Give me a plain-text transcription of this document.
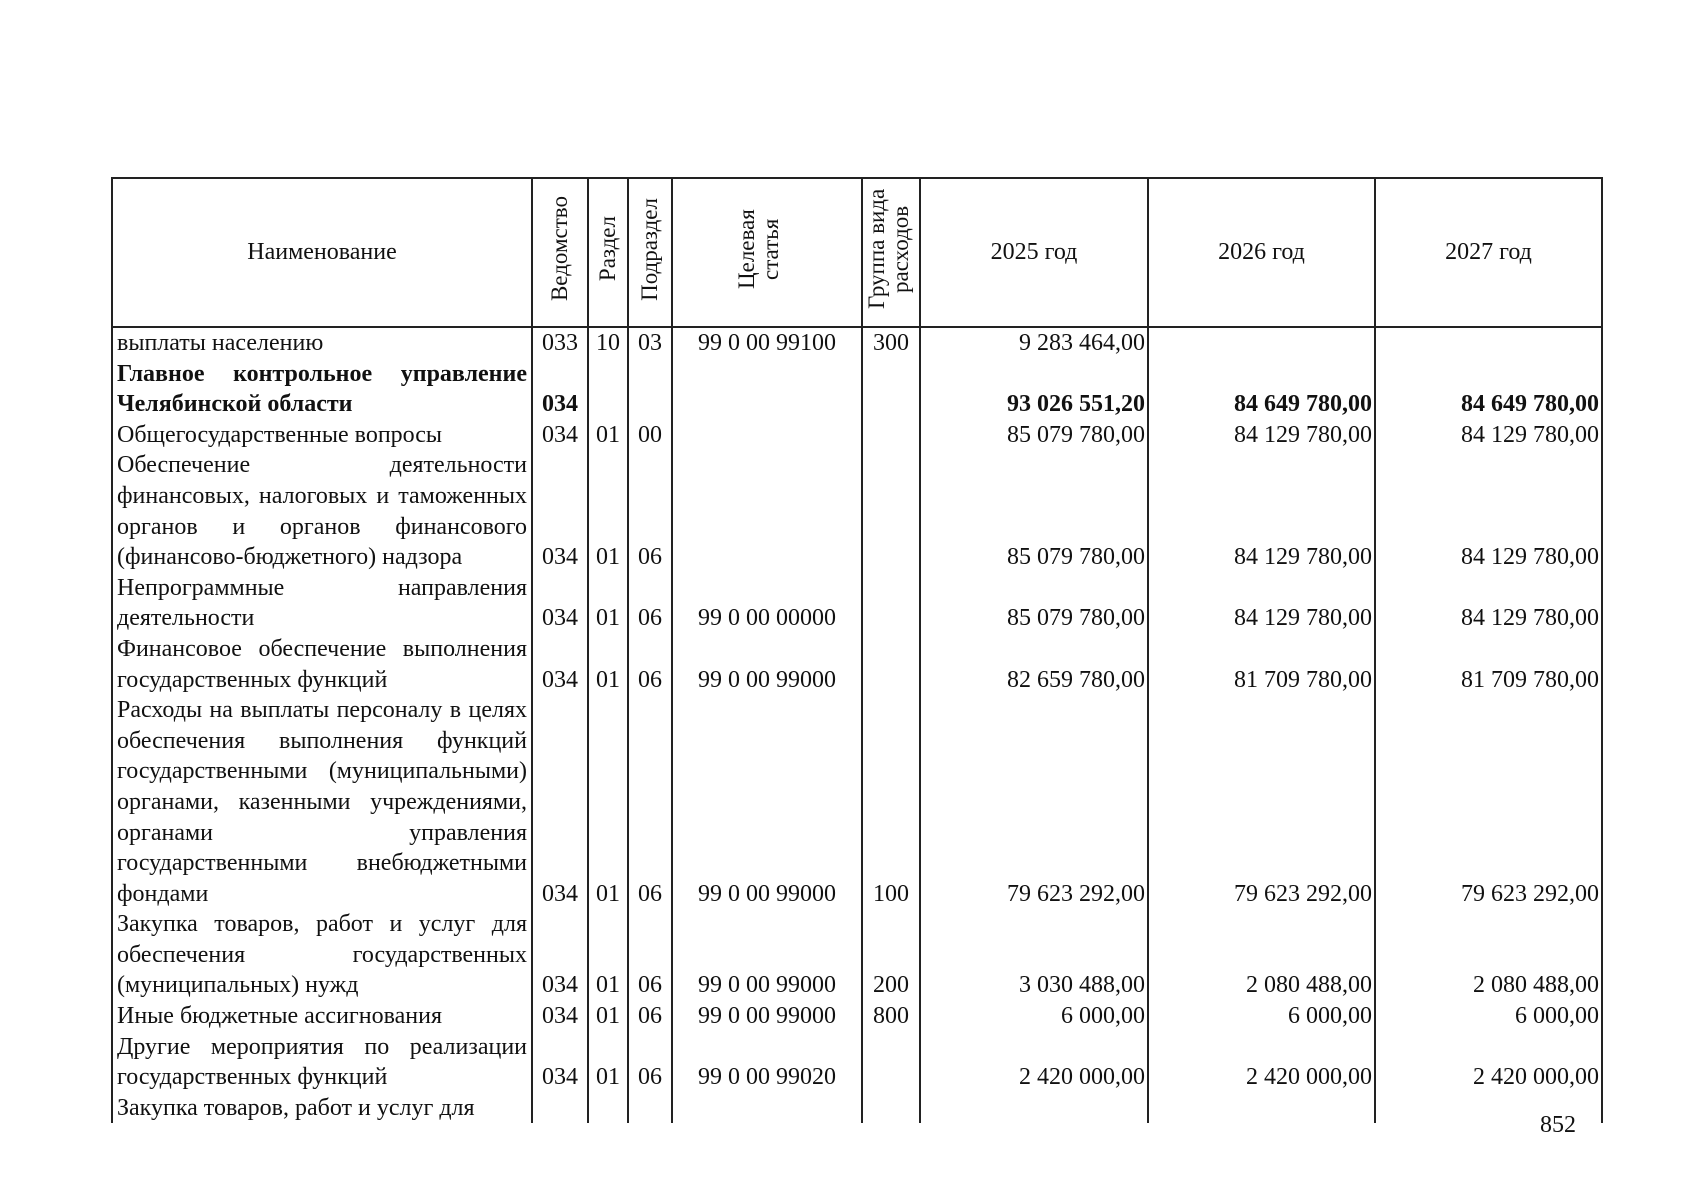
Наименование	Ведомство	Раздел	Подраздел	Целевая статья	Группа вида расходов	2025 год	2026 год	2027 год
выплаты населению	033	10	03	99 0 00 99100	300	9 283 464,00		
Главное контрольное управление Челябинской области	034					93 026 551,20	84 649 780,00	84 649 780,00
Общегосударственные вопросы	034	01	00			85 079 780,00	84 129 780,00	84 129 780,00
Обеспечение деятельности финансовых, налоговых и таможенных органов и органов финансового (финансово-бюджетного) надзора	034	01	06			85 079 780,00	84 129 780,00	84 129 780,00
Непрограммные направления деятельности	034	01	06	99 0 00 00000		85 079 780,00	84 129 780,00	84 129 780,00
Финансовое обеспечение выполнения государственных функций	034	01	06	99 0 00 99000		82 659 780,00	81 709 780,00	81 709 780,00
Расходы на выплаты персоналу в целях обеспечения выполнения функций государственными (муниципальными) органами, казенными учреждениями, органами управления государственными внебюджетными фондами	034	01	06	99 0 00 99000	100	79 623 292,00	79 623 292,00	79 623 292,00
Закупка товаров, работ и услуг для обеспечения государственных (муниципальных) нужд	034	01	06	99 0 00 99000	200	3 030 488,00	2 080 488,00	2 080 488,00
Иные бюджетные ассигнования	034	01	06	99 0 00 99000	800	6 000,00	6 000,00	6 000,00
Другие мероприятия по реализации государственных функций	034	01	06	99 0 00 99020		2 420 000,00	2 420 000,00	2 420 000,00
Закупка товаров, работ и услуг для								
852
